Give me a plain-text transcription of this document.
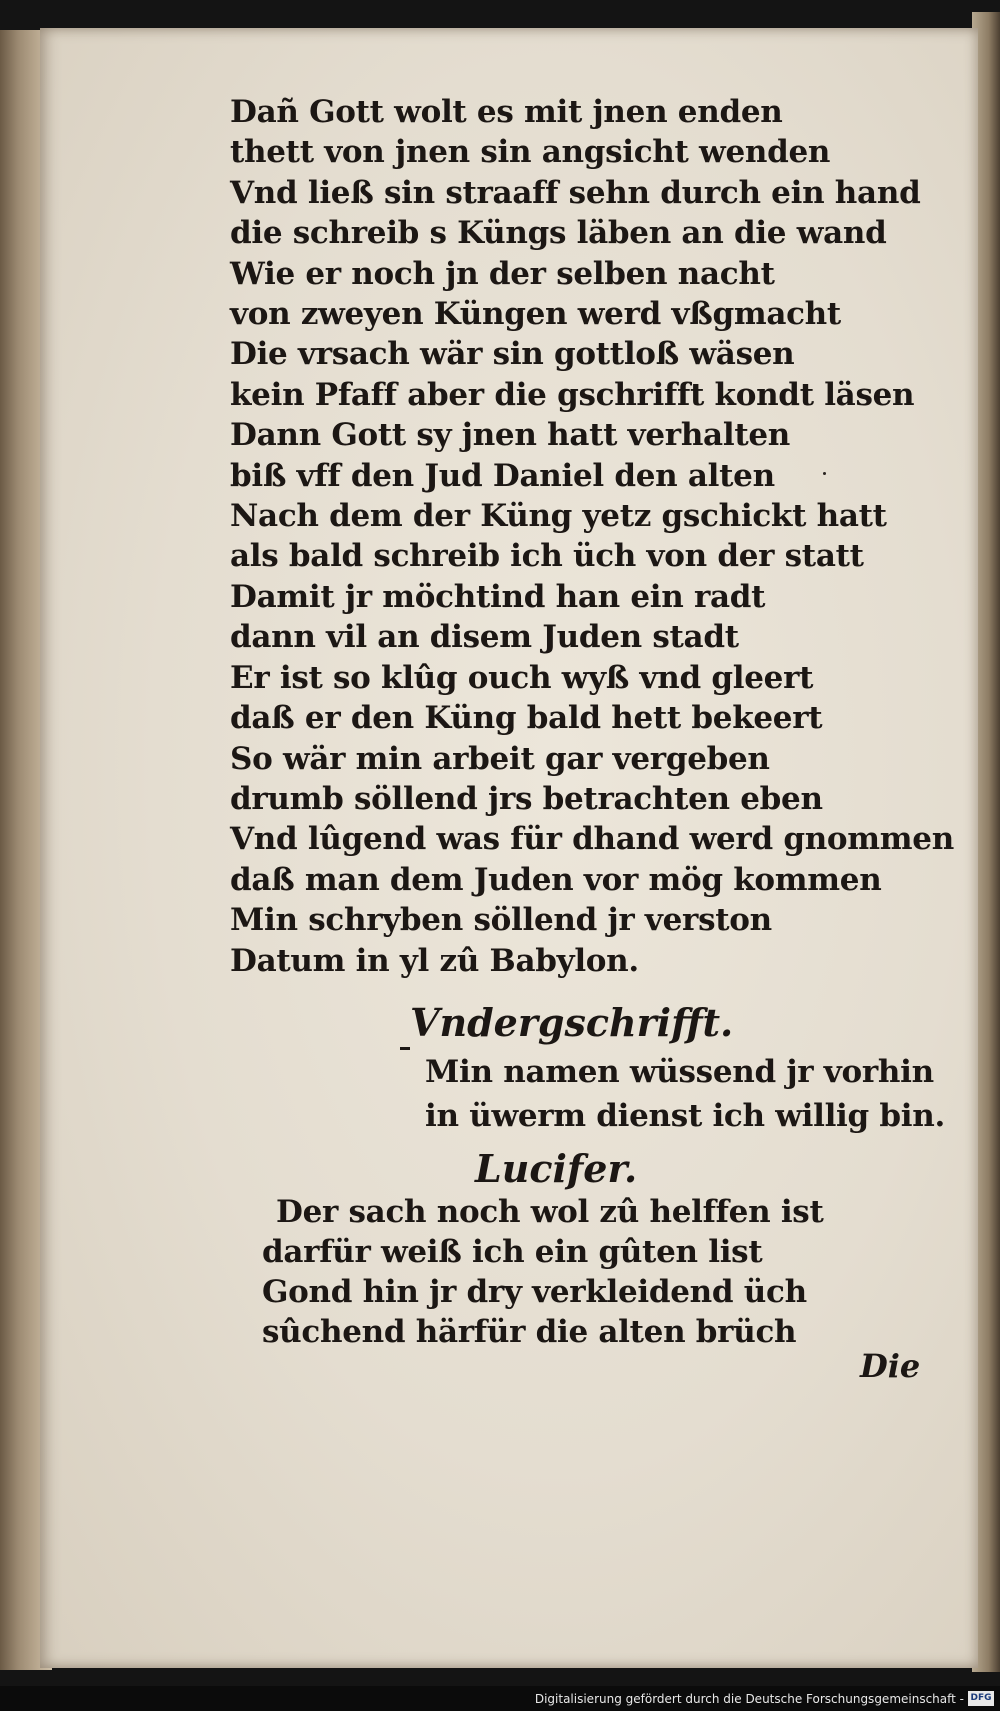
Dañ Gott wolt es mit jnen enden
thett von jnen sin angsicht wenden
Vnd ließ sin straaff sehn durch ein hand
die schreib s Küngs läben an die wand
Wie er noch jn der selben nacht
von zweyen Küngen werd vßgmacht
Die vrsach wär sin gottloß wäsen
kein Pfaff aber die gschrifft kondt läsen
Dann Gott sy jnen hatt verhalten
biß vff den Jud Daniel den alten
Nach dem der Küng yetz gschickt hatt
als bald schreib ich üch von der statt
Damit jr möchtind han ein radt
dann vil an disem Juden stadt
Er ist so klûg ouch wyß vnd gleert
daß er den Küng bald hett bekeert
So wär min arbeit gar vergeben
drumb söllend jrs betrachten eben
Vnd lûgend was für dhand werd gnommen
daß man dem Juden vor mög kommen
Min schryben söllend jr verston
Datum in yl zû Babylon.
Vndergschrifft.
Min namen wüssend jr vorhin
in üwerm dienst ich willig bin.
Lucifer.
Der sach noch wol zû helffen ist
darfür weiß ich ein gûten list
Gond hin jr dry verkleidend üch
sûchend härfür die alten brüch
Die
Digitalisierung gefördert durch die Deutsche Forschungsgemeinschaft - DFG
